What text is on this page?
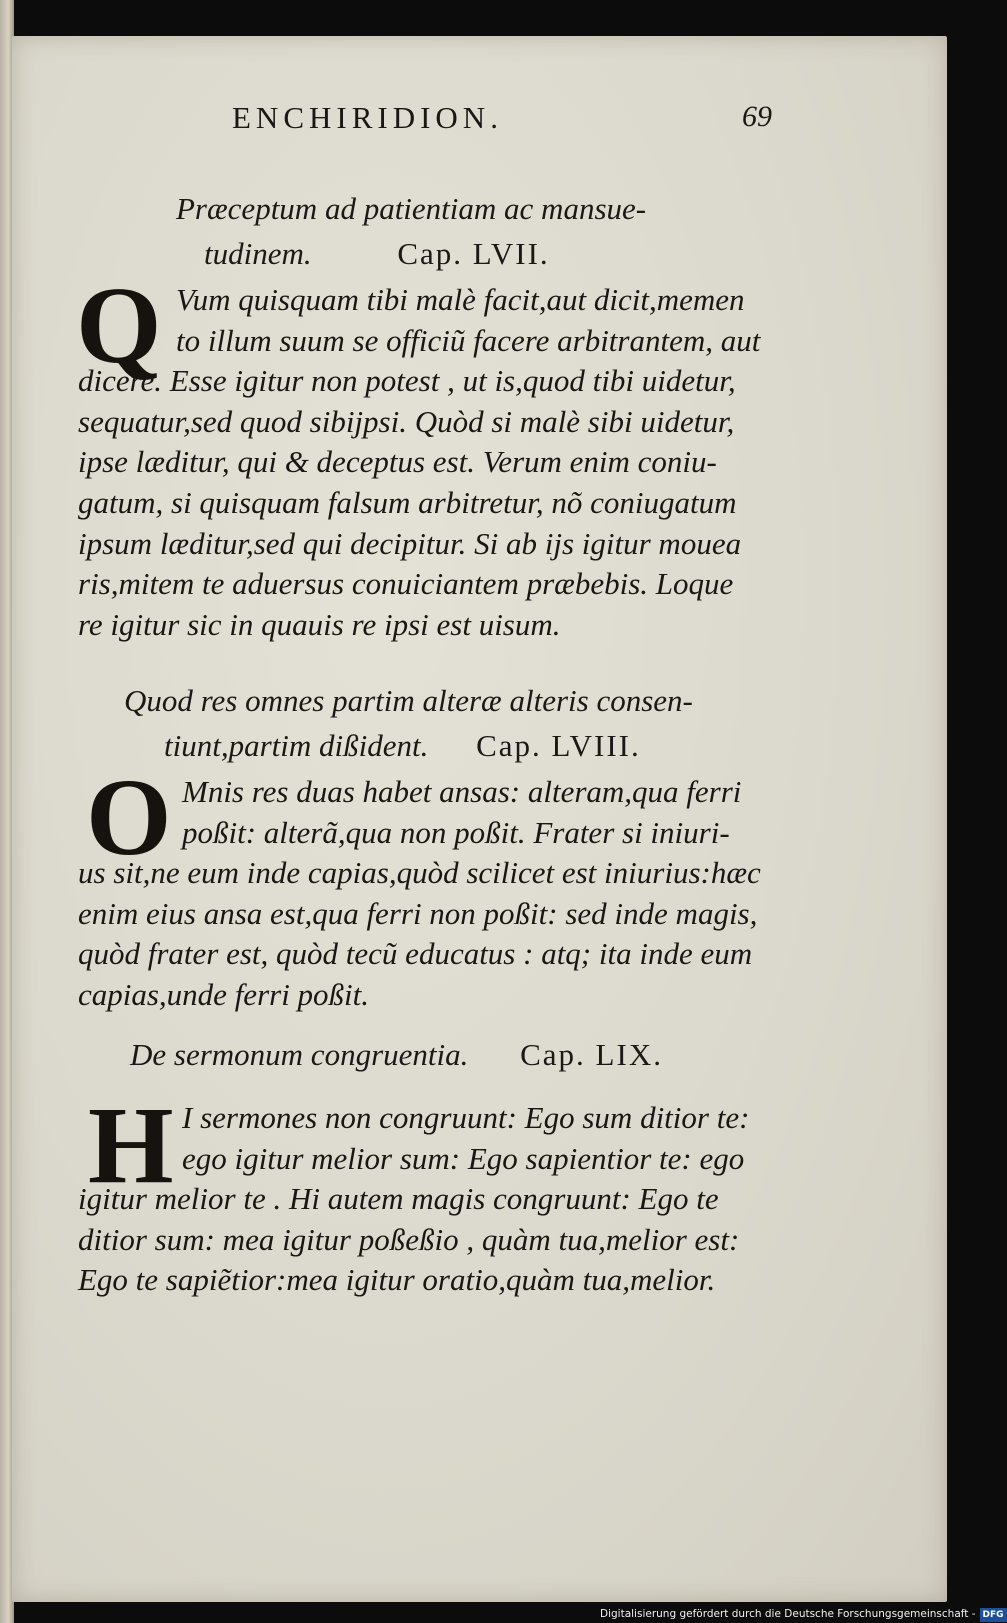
ENCHIRIDION.	69
Præceptum ad patientiam ac mansue-
tudinem.	Cap. LVII.
Q Vum quisquam tibi malè facit,aut dicit,memen
to illum suum se officiũ facere arbitrantem, aut
dicere. Esse igitur non potest , ut is,quod tibi uidetur,
sequatur,sed quod sibijpsi. Quòd si malè sibi uidetur,
ipse læditur, qui & deceptus est. Verum enim coniu-
gatum, si quisquam falsum arbitretur, nõ coniugatum
ipsum læditur,sed qui decipitur. Si ab ijs igitur mouea
ris,mitem te aduersus conuiciantem præbebis. Loque
re igitur sic in quauis re ipsi est uisum.
Quod res omnes partim alteræ alteris consen-
tiunt,partim dißident. Cap. LVIII.
O Mnis res duas habet ansas: alteram,qua ferri
poßit: alterã,qua non poßit. Frater si iniuri-
us sit,ne eum inde capias,quòd scilicet est iniurius:hæc
enim eius ansa est,qua ferri non poßit: sed inde magis,
quòd frater est, quòd tecũ educatus : atq; ita inde eum
capias,unde ferri poßit.
De sermonum congruentia. Cap. LIX.
H I sermones non congruunt: Ego sum ditior te:
ego igitur melior sum: Ego sapientior te: ego
igitur melior te . Hi autem magis congruunt: Ego te
ditior sum: mea igitur poßeßio , quàm tua,melior est:
Ego te sapiẽtior:mea igitur oratio,quàm tua,melior.
Digitalisierung gefördert durch die Deutsche Forschungsgemeinschaft - DFG
